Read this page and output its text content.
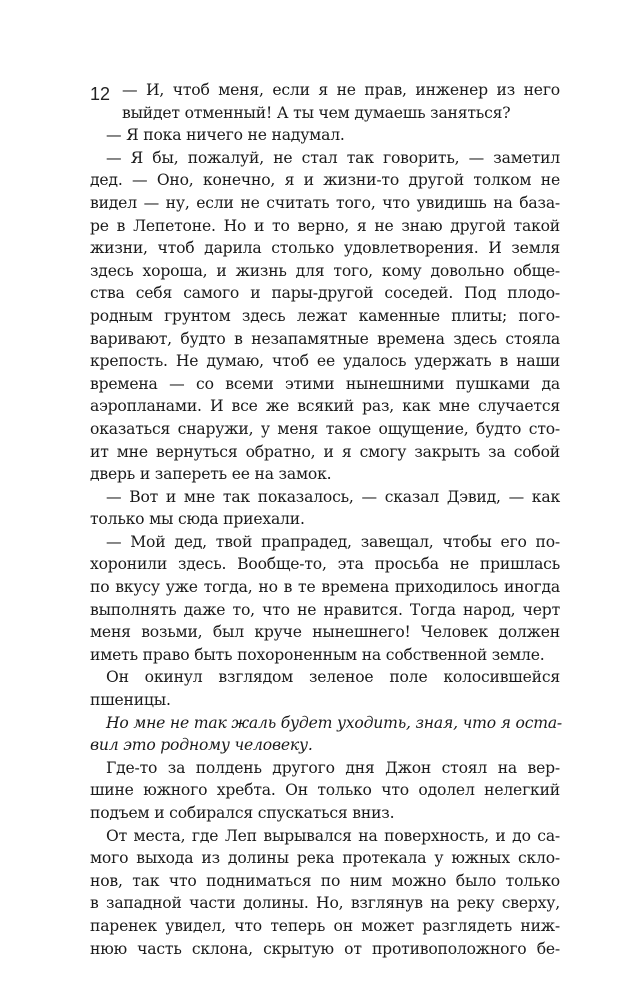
12 — И, чтоб меня, если я не прав, инженер из него
выйдет отменный! А ты чем думаешь заняться?
— Я пока ничего не надумал.
— Я бы, пожалуй, не стал так говорить, — заметил
дед. — Оно, конечно, я и жизни-то другой толком не
видел — ну, если не считать того, что увидишь на база-
ре в Лепетоне. Но и то верно, я не знаю другой такой
жизни, чтоб дарила столько удовлетворения. И земля
здесь хороша, и жизнь для того, кому довольно обще-
ства себя самого и пары-другой соседей. Под плодо-
родным грунтом здесь лежат каменные плиты; пого-
варивают, будто в незапамятные времена здесь стояла
крепость. Не думаю, чтоб ее удалось удержать в наши
времена — со всеми этими нынешними пушками да
аэропланами. И все же всякий раз, как мне случается
оказаться снаружи, у меня такое ощущение, будто сто-
ит мне вернуться обратно, и я смогу закрыть за собой
дверь и запереть ее на замок.
— Вот и мне так показалось, — сказал Дэвид, — как
только мы сюда приехали.
— Мой дед, твой прапрадед, завещал, чтобы его по-
хоронили здесь. Вообще-то, эта просьба не пришлась
по вкусу уже тогда, но в те времена приходилось иногда
выполнять даже то, что не нравится. Тогда народ, черт
меня возьми, был круче нынешнего! Человек должен
иметь право быть похороненным на собственной земле.
Он окинул взглядом зеленое поле колосившейся
пшеницы.
Но мне не так жаль будет уходить, зная, что я оста-
вил это родному человеку.
Где-то за полдень другого дня Джон стоял на вер-
шине южного хребта. Он только что одолел нелегкий
подъем и собирался спускаться вниз.
От места, где Леп вырывался на поверхность, и до са-
мого выхода из долины река протекала у южных скло-
нов, так что подниматься по ним можно было только
в западной части долины. Но, взглянув на реку сверху,
паренек увидел, что теперь он может разглядеть ниж-
нюю часть склона, скрытую от противоположного бе-
